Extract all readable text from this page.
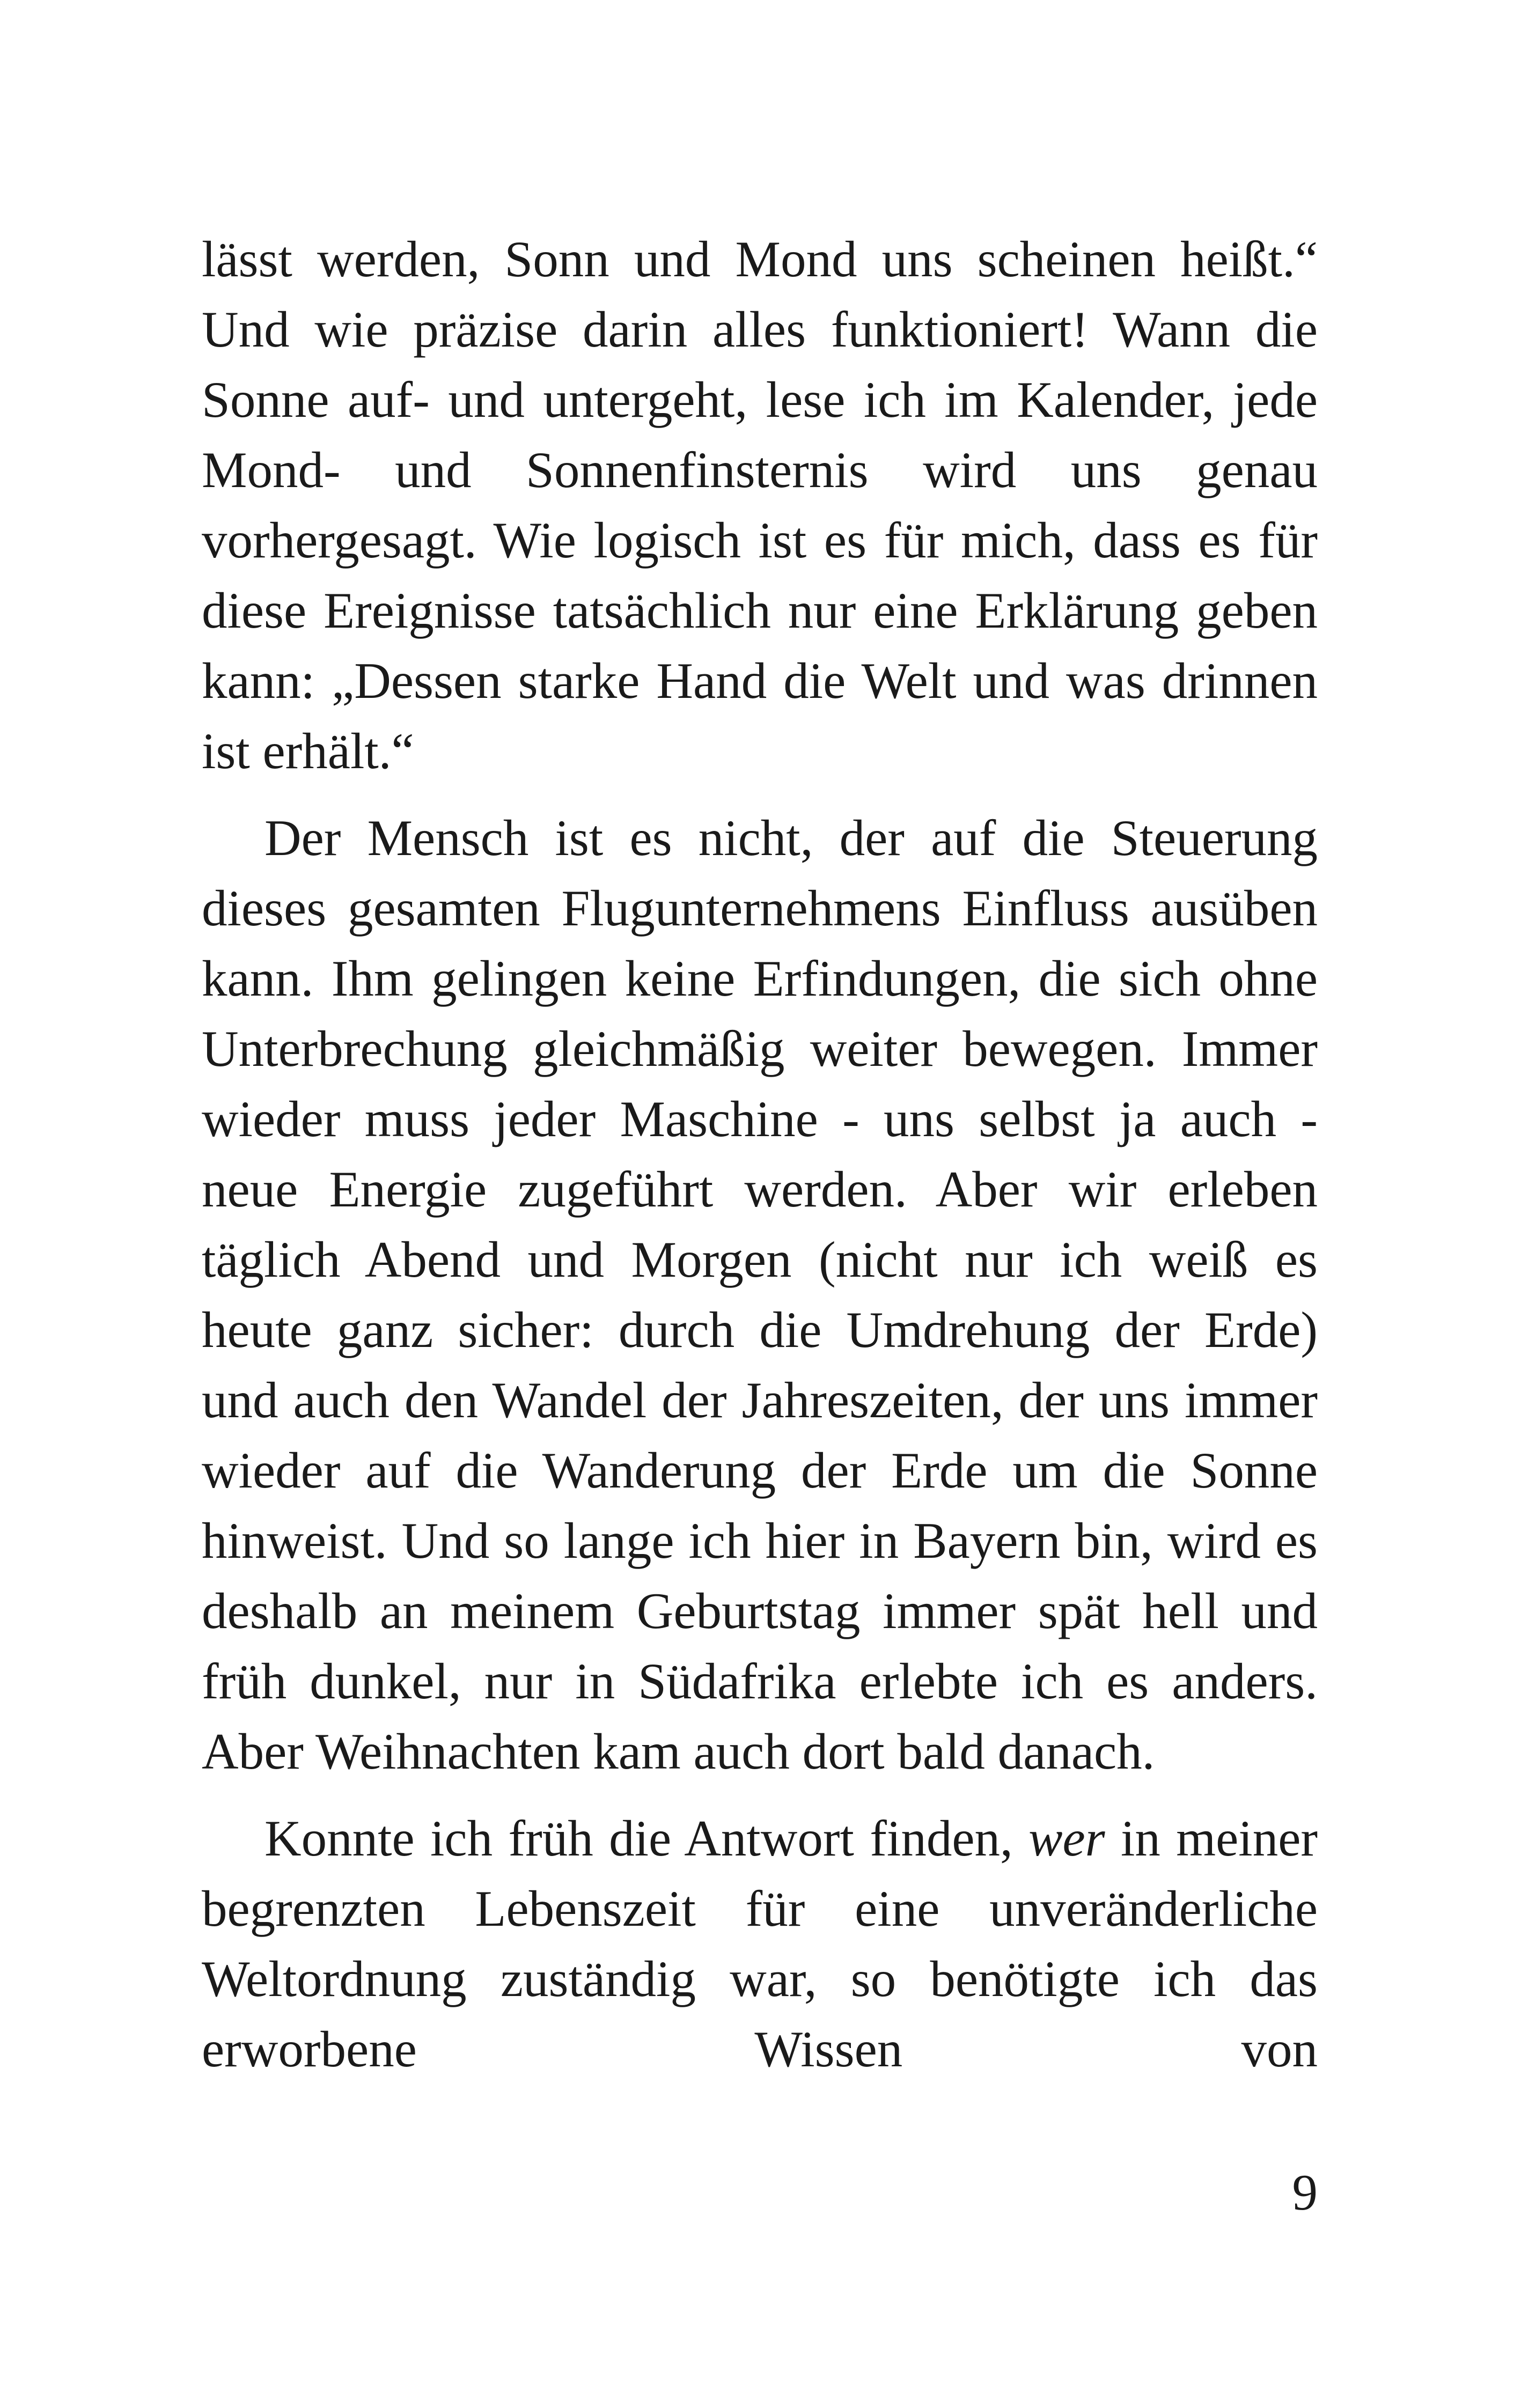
lässt werden, Sonn und Mond uns scheinen heißt.“ Und wie präzise darin alles funktioniert! Wann die Sonne auf- und untergeht, lese ich im Kalender, jede Mond- und Sonnenfinsternis wird uns genau vorhergesagt. Wie logisch ist es für mich, dass es für diese Ereignisse tatsächlich nur eine Erklärung geben kann: „Dessen starke Hand die Welt und was drinnen ist erhält.“

Der Mensch ist es nicht, der auf die Steuerung dieses gesamten Flugunternehmens Einfluss ausüben kann. Ihm gelingen keine Erfindungen, die sich ohne Unterbrechung gleichmäßig weiter bewegen. Immer wieder muss jeder Maschine - uns selbst ja auch - neue Energie zugeführt werden. Aber wir erleben täglich Abend und Morgen (nicht nur ich weiß es heute ganz sicher: durch die Umdrehung der Erde) und auch den Wandel der Jahreszeiten, der uns immer wieder auf die Wanderung der Erde um die Sonne hinweist. Und so lange ich hier in Bayern bin, wird es deshalb an meinem Geburtstag immer spät hell und früh dunkel, nur in Südafrika erlebte ich es anders. Aber Weihnachten kam auch dort bald danach.

Konnte ich früh die Antwort finden, wer in meiner begrenzten Lebenszeit für eine unveränderliche Weltordnung zuständig war, so benötigte ich das erworbene Wissen von

9
